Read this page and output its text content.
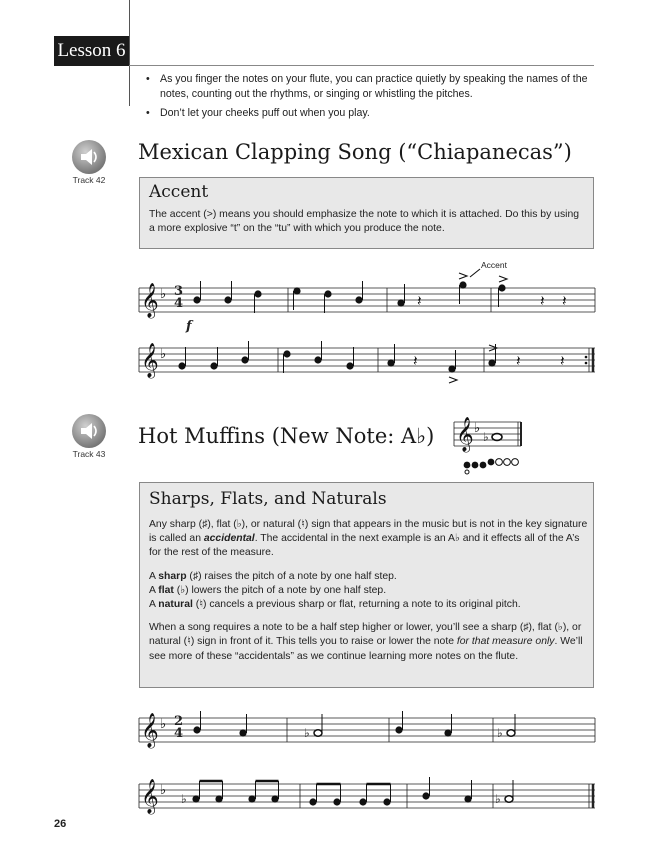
Lesson 6
• As you finger the notes on your flute, you can practice quietly by speaking the names of the notes, counting out the rhythms, or singing or whistling the pitches.
• Don’t let your cheeks puff out when you play.
Track 42
Mexican Clapping Song (“Chiapanecas”)
Accent
The accent (>) means you should emphasize the note to which it is attached. Do this by using a more explosive “t” on the “tu” with which you produce the note.
𝄞
𝄞
𝄞
𝄞
𝄞
♭
♭
♭
♭
♭
♭	♭
♭	♭
♭
𝄽	𝄽 𝄽
𝄽	𝄽	𝄽
3
4
f
Accent
Track 43
Hot Muffins (New Note: A♭)
Sharps, Flats, and Naturals

Any sharp (♯), flat (♭), or natural (♮) sign that appears in the music but is not in the key signature is called an accidental. The accidental in the next example is an A♭ and it effects all of the A’s for the rest of the measure.

A sharp (♯) raises the pitch of a note by one half step.

A flat (♭) lowers the pitch of a note by one half step.

A natural (♮) cancels a previous sharp or flat, returning a note to its original pitch.

When a song requires a note to be a half step higher or lower, you’ll see a sharp (♯), flat (♭), or natural (♮) sign in front of it. This tells you to raise or lower the note for that measure only. We’ll see more of these “accidentals” as we continue learning more notes on the flute.

2
4
26
